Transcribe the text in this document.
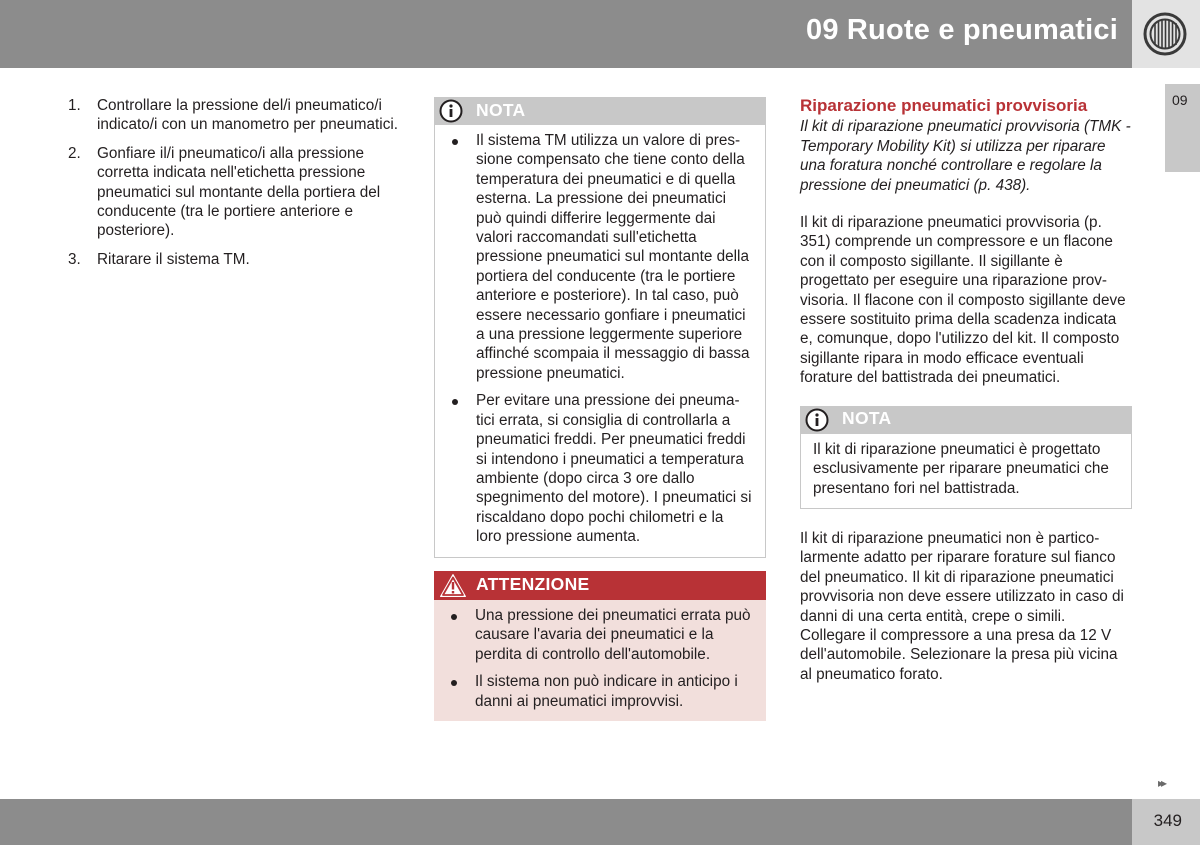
09 Ruote e pneumatici
09
1. Controllare la pressione del/i pneumatico/i indicato/i con un manometro per pneumatici.
2. Gonfiare il/i pneumatico/i alla pressione corretta indicata nell'etichetta pressione pneumatici sul montante della portiera del conducente (tra le portiere anteriore e posteriore).
3. Ritarare il sistema TM.
NOTA
Il sistema TM utilizza un valore di pressione compensato che tiene conto della temperatura dei pneumatici e di quella esterna. La pressione dei pneumatici può quindi differire leggermente dai valori raccomandati sull'etichetta pressione pneumatici sul montante della portiera del conducente (tra le portiere anteriore e posteriore). In tal caso, può essere necessario gonfiare i pneumatici a una pressione leggermente superiore affinché scompaia il messaggio di bassa pressione pneumatici.
Per evitare una pressione dei pneumatici errata, si consiglia di controllarla a pneumatici freddi. Per pneumatici freddi si intendono i pneumatici a temperatura ambiente (dopo circa 3 ore dallo spegnimento del motore). I pneumatici si riscaldano dopo pochi chilometri e la loro pressione aumenta.
ATTENZIONE
Una pressione dei pneumatici errata può causare l'avaria dei pneumatici e la perdita di controllo dell'automobile.
Il sistema non può indicare in anticipo i danni ai pneumatici improvvisi.
Riparazione pneumatici provvisoria
Il kit di riparazione pneumatici provvisoria (TMK - Temporary Mobility Kit) si utilizza per riparare una foratura nonché controllare e regolare la pressione dei pneumatici (p. 438).
Il kit di riparazione pneumatici provvisoria (p. 351) comprende un compressore e un flacone con il composto sigillante. Il sigillante è progettato per eseguire una riparazione provvisoria. Il flacone con il composto sigillante deve essere sostituito prima della scadenza indicata e, comunque, dopo l'utilizzo del kit. Il composto sigillante ripara in modo efficace eventuali forature del battistrada dei pneumatici.
NOTA
Il kit di riparazione pneumatici è progettato esclusivamente per riparare pneumatici che presentano fori nel battistrada.
Il kit di riparazione pneumatici non è particolarmente adatto per riparare forature sul fianco del pneumatico. Il kit di riparazione pneumatici provvisoria non deve essere utilizzato in caso di danni di una certa entità, crepe o simili. Collegare il compressore a una presa da 12 V dell'automobile. Selezionare la presa più vicina al pneumatico forato.
▸▸
349
